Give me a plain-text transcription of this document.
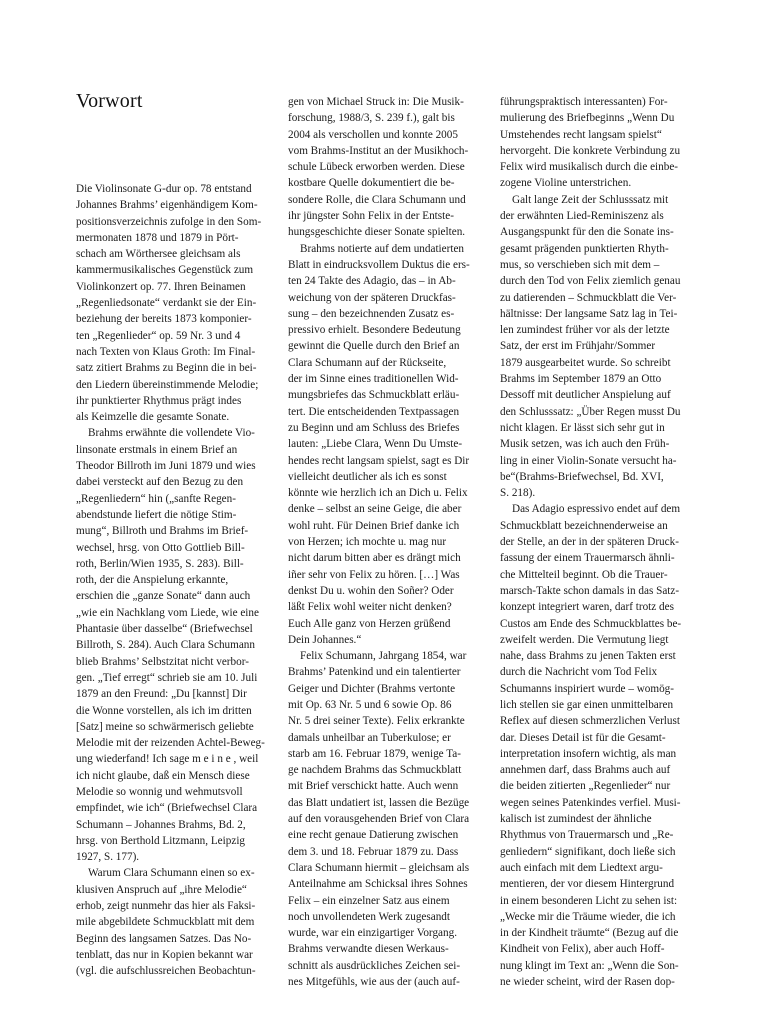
Vorwort
Die Violinsonate G-dur op. 78 entstand
Johannes Brahms’ eigenhändigem Kom-
positionsverzeichnis zufolge in den Som-
mermonaten 1878 und 1879 in Pört-
schach am Wörthersee gleichsam als
kammermusikalisches Gegenstück zum
Violinkonzert op. 77. Ihren Beinamen
„Regenliedsonate“ verdankt sie der Ein-
beziehung der bereits 1873 komponier-
ten „Regenlieder“ op. 59 Nr. 3 und 4
nach Texten von Klaus Groth: Im Final-
satz zitiert Brahms zu Beginn die in bei-
den Liedern übereinstimmende Melodie;
ihr punktierter Rhythmus prägt indes
als Keimzelle die gesamte Sonate.
Brahms erwähnte die vollendete Vio-
linsonate erstmals in einem Brief an
Theodor Billroth im Juni 1879 und wies
dabei versteckt auf den Bezug zu den
„Regenliedern“ hin („sanfte Regen-
abendstunde liefert die nötige Stim-
mung“, Billroth und Brahms im Brief-
wechsel, hrsg. von Otto Gottlieb Bill-
roth, Berlin/Wien 1935, S. 283). Bill-
roth, der die Anspielung erkannte,
erschien die „ganze Sonate“ dann auch
„wie ein Nachklang vom Liede, wie eine
Phantasie über dasselbe“ (Briefwechsel
Billroth, S. 284). Auch Clara Schumann
blieb Brahms’ Selbstzitat nicht verbor-
gen. „Tief erregt“ schrieb sie am 10. Juli
1879 an den Freund: „Du [kannst] Dir
die Wonne vorstellen, als ich im dritten
[Satz] meine so schwärmerisch geliebte
Melodie mit der reizenden Achtel-Beweg-
ung wiederfand! Ich sage m e i n e , weil
ich nicht glaube, daß ein Mensch diese
Melodie so wonnig und wehmutsvoll
empfindet, wie ich“ (Briefwechsel Clara
Schumann – Johannes Brahms, Bd. 2,
hrsg. von Berthold Litzmann, Leipzig
1927, S. 177).
Warum Clara Schumann einen so ex-
klusiven Anspruch auf „ihre Melodie“
erhob, zeigt nunmehr das hier als Faksi-
mile abgebildete Schmuckblatt mit dem
Beginn des langsamen Satzes. Das No-
tenblatt, das nur in Kopien bekannt war
(vgl. die aufschlussreichen Beobachtun-
gen von Michael Struck in: Die Musik-
forschung, 1988/3, S. 239 f.), galt bis
2004 als verschollen und konnte 2005
vom Brahms-Institut an der Musikhoch-
schule Lübeck erworben werden. Diese
kostbare Quelle dokumentiert die be-
sondere Rolle, die Clara Schumann und
ihr jüngster Sohn Felix in der Entste-
hungsgeschichte dieser Sonate spielten.
Brahms notierte auf dem undatierten
Blatt in eindrucksvollem Duktus die ers-
ten 24 Takte des Adagio, das – in Ab-
weichung von der späteren Druckfas-
sung – den bezeichnenden Zusatz es-
pressivo erhielt. Besondere Bedeutung
gewinnt die Quelle durch den Brief an
Clara Schumann auf der Rückseite,
der im Sinne eines traditionellen Wid-
mungsbriefes das Schmuckblatt erläu-
tert. Die entscheidenden Textpassagen
zu Beginn und am Schluss des Briefes
lauten: „Liebe Clara, Wenn Du Umste-
hendes recht langsam spielst, sagt es Dir
vielleicht deutlicher als ich es sonst
könnte wie herzlich ich an Dich u. Felix
denke – selbst an seine Geige, die aber
wohl ruht. Für Deinen Brief danke ich
von Herzen; ich mochte u. mag nur
nicht darum bitten aber es drängt mich
iñer sehr von Felix zu hören. […] Was
denkst Du u. wohin den Soñer? Oder
läßt Felix wohl weiter nicht denken?
Euch Alle ganz von Herzen grüßend
Dein Johannes.“
Felix Schumann, Jahrgang 1854, war
Brahms’ Patenkind und ein talentierter
Geiger und Dichter (Brahms vertonte
mit Op. 63 Nr. 5 und 6 sowie Op. 86
Nr. 5 drei seiner Texte). Felix erkrankte
damals unheilbar an Tuberkulose; er
starb am 16. Februar 1879, wenige Ta-
ge nachdem Brahms das Schmuckblatt
mit Brief verschickt hatte. Auch wenn
das Blatt undatiert ist, lassen die Bezüge
auf den vorausgehenden Brief von Clara
eine recht genaue Datierung zwischen
dem 3. und 18. Februar 1879 zu. Dass
Clara Schumann hiermit – gleichsam als
Anteilnahme am Schicksal ihres Sohnes
Felix – ein einzelner Satz aus einem
noch unvollendeten Werk zugesandt
wurde, war ein einzigartiger Vorgang.
Brahms verwandte diesen Werkaus-
schnitt als ausdrückliches Zeichen sei-
nes Mitgefühls, wie aus der (auch auf-
führungspraktisch interessanten) For-
mulierung des Briefbeginns „Wenn Du
Umstehendes recht langsam spielst“
hervorgeht. Die konkrete Verbindung zu
Felix wird musikalisch durch die einbe-
zogene Violine unterstrichen.
Galt lange Zeit der Schlusssatz mit
der erwähnten Lied-Reminiszenz als
Ausgangspunkt für den die Sonate ins-
gesamt prägenden punktierten Rhyth-
mus, so verschieben sich mit dem –
durch den Tod von Felix ziemlich genau
zu datierenden – Schmuckblatt die Ver-
hältnisse: Der langsame Satz lag in Tei-
len zumindest früher vor als der letzte
Satz, der erst im Frühjahr/Sommer
1879 ausgearbeitet wurde. So schreibt
Brahms im September 1879 an Otto
Dessoff mit deutlicher Anspielung auf
den Schlusssatz: „Über Regen musst Du
nicht klagen. Er lässt sich sehr gut in
Musik setzen, was ich auch den Früh-
ling in einer Violin-Sonate versucht ha-
be“(Brahms-Briefwechsel, Bd. XVI,
S. 218).
Das Adagio espressivo endet auf dem
Schmuckblatt bezeichnenderweise an
der Stelle, an der in der späteren Druck-
fassung der einem Trauermarsch ähnli-
che Mittelteil beginnt. Ob die Trauer-
marsch-Takte schon damals in das Satz-
konzept integriert waren, darf trotz des
Custos am Ende des Schmuckblattes be-
zweifelt werden. Die Vermutung liegt
nahe, dass Brahms zu jenen Takten erst
durch die Nachricht vom Tod Felix
Schumanns inspiriert wurde – womög-
lich stellen sie gar einen unmittelbaren
Reflex auf diesen schmerzlichen Verlust
dar. Dieses Detail ist für die Gesamt-
interpretation insofern wichtig, als man
annehmen darf, dass Brahms auch auf
die beiden zitierten „Regenlieder“ nur
wegen seines Patenkindes verfiel. Musi-
kalisch ist zumindest der ähnliche
Rhythmus von Trauermarsch und „Re-
genliedern“ signifikant, doch ließe sich
auch einfach mit dem Liedtext argu-
mentieren, der vor diesem Hintergrund
in einem besonderen Licht zu sehen ist:
„Wecke mir die Träume wieder, die ich
in der Kindheit träumte“ (Bezug auf die
Kindheit von Felix), aber auch Hoff-
nung klingt im Text an: „Wenn die Son-
ne wieder scheint, wird der Rasen dop-
